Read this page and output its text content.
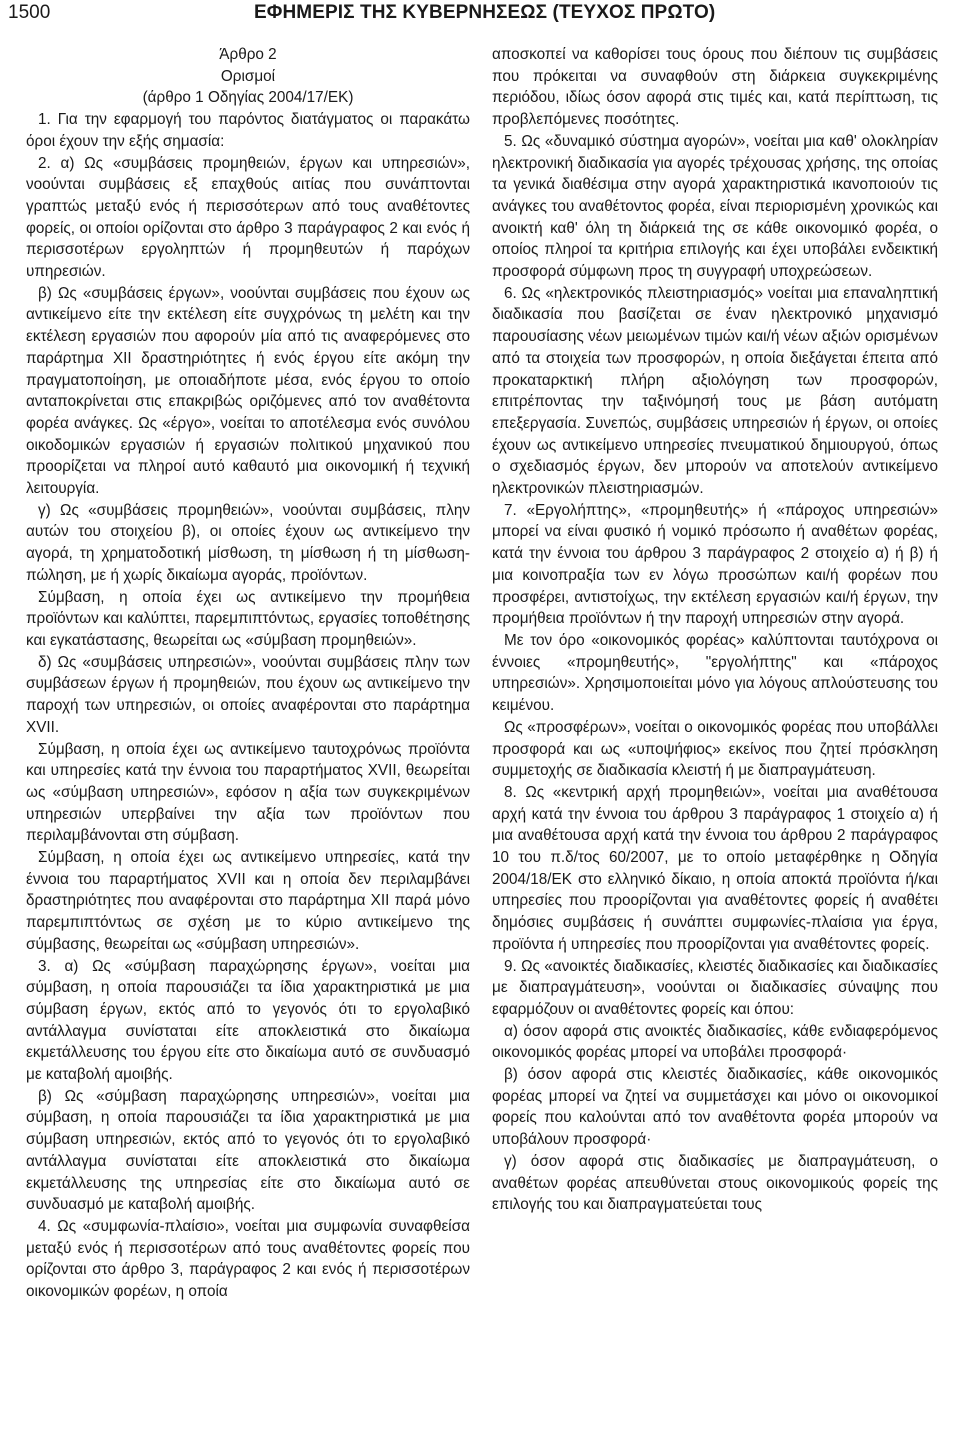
1500	ΕΦΗΜΕΡΙΣ ΤΗΣ ΚΥΒΕΡΝΗΣΕΩΣ (ΤΕΥΧΟΣ ΠΡΩΤΟ)

Άρθρο 2

Ορισμοί

(άρθρο 1 Οδηγίας 2004/17/ΕΚ)

1. Για την εφαρμογή του παρόντος διατάγματος οι παρακάτω όροι έχουν την εξής σημασία:

2. α) Ως «συμβάσεις προμηθειών, έργων και υπηρεσιών», νοούνται συμβάσεις εξ επαχθούς αιτίας που συνάπτονται γραπτώς μεταξύ ενός ή περισσότερων από τους αναθέτοντες φορείς, οι οποίοι ορίζονται στο άρθρο 3 παράγραφος 2 και ενός ή περισσοτέρων εργοληπτών ή προμηθευτών ή παρόχων υπηρεσιών.

β) Ως «συμβάσεις έργων», νοούνται συμβάσεις που έχουν ως αντικείμενο είτε την εκτέλεση είτε συγχρόνως τη μελέτη και την εκτέλεση εργασιών που αφορούν μία από τις αναφερόμενες στο παράρτημα XII δραστηριότητες ή ενός έργου είτε ακόμη την πραγματοποίηση, με οποιαδήποτε μέσα, ενός έργου το οποίο ανταποκρίνεται στις επακριβώς οριζόμενες από τον αναθέτοντα φορέα ανάγκες. Ως «έργο», νοείται το αποτέλεσμα ενός συνόλου οικοδομικών εργασιών ή εργασιών πολιτικού μηχανικού που προορίζεται να πληροί αυτό καθαυτό μια οικονομική ή τεχνική λειτουργία.

γ) Ως «συμβάσεις προμηθειών», νοούνται συμβάσεις, πλην αυτών του στοιχείου β), οι οποίες έχουν ως αντικείμενο την αγορά, τη χρηματοδοτική μίσθωση, τη μίσθωση ή τη μίσθωση-πώληση, με ή χωρίς δικαίωμα αγοράς, προϊόντων.

Σύμβαση, η οποία έχει ως αντικείμενο την προμήθεια προϊόντων και καλύπτει, παρεμπιπτόντως, εργασίες τοποθέτησης και εγκατάστασης, θεωρείται ως «σύμβαση προμηθειών».

δ) Ως «συμβάσεις υπηρεσιών», νοούνται συμβάσεις πλην των συμβάσεων έργων ή προμηθειών, που έχουν ως αντικείμενο την παροχή των υπηρεσιών, οι οποίες αναφέρονται στο παράρτημα XVII.

Σύμβαση, η οποία έχει ως αντικείμενο ταυτοχρόνως προϊόντα και υπηρεσίες κατά την έννοια του παραρτήματος XVII, θεωρείται ως «σύμβαση υπηρεσιών», εφόσον η αξία των συγκεκριμένων υπηρεσιών υπερβαίνει την αξία των προϊόντων που περιλαμβάνονται στη σύμβαση.

Σύμβαση, η οποία έχει ως αντικείμενο υπηρεσίες, κατά την έννοια του παραρτήματος XVII και η οποία δεν περιλαμβάνει δραστηριότητες που αναφέρονται στο παράρτημα XII παρά μόνο παρεμπιπτόντως σε σχέση με το κύριο αντικείμενο της σύμβασης, θεωρείται ως «σύμβαση υπηρεσιών».

3. α) Ως «σύμβαση παραχώρησης έργων», νοείται μια σύμβαση, η οποία παρουσιάζει τα ίδια χαρακτηριστικά με μια σύμβαση έργων, εκτός από το γεγονός ότι το εργολαβικό αντάλλαγμα συνίσταται είτε αποκλειστικά στο δικαίωμα εκμετάλλευσης του έργου είτε στο δικαίωμα αυτό σε συνδυασμό με καταβολή αμοιβής.

β) Ως «σύμβαση παραχώρησης υπηρεσιών», νοείται μια σύμβαση, η οποία παρουσιάζει τα ίδια χαρακτηριστικά με μια σύμβαση υπηρεσιών, εκτός από το γεγονός ότι το εργολαβικό αντάλλαγμα συνίσταται είτε αποκλειστικά στο δικαίωμα εκμετάλλευσης της υπηρεσίας είτε στο δικαίωμα αυτό σε συνδυασμό με καταβολή αμοιβής.

4. Ως «συμφωνία-πλαίσιο», νοείται μια συμφωνία συναφθείσα μεταξύ ενός ή περισσοτέρων από τους αναθέτοντες φορείς που ορίζονται στο άρθρο 3, παράγραφος 2 και ενός ή περισσοτέρων οικονομικών φορέων, η οποία

αποσκοπεί να καθορίσει τους όρους που διέπουν τις συμβάσεις που πρόκειται να συναφθούν στη διάρκεια συγκεκριμένης περιόδου, ιδίως όσον αφορά στις τιμές και, κατά περίπτωση, τις προβλεπόμενες ποσότητες.

5. Ως «δυναμικό σύστημα αγορών», νοείται μια καθ' ολοκληρίαν ηλεκτρονική διαδικασία για αγορές τρέχουσας χρήσης, της οποίας τα γενικά διαθέσιμα στην αγορά χαρακτηριστικά ικανοποιούν τις ανάγκες του αναθέτοντος φορέα, είναι περιορισμένη χρονικώς και ανοικτή καθ' όλη τη διάρκειά της σε κάθε οικονομικό φορέα, ο οποίος πληροί τα κριτήρια επιλογής και έχει υποβάλει ενδεικτική προσφορά σύμφωνη προς τη συγγραφή υποχρεώσεων.

6. Ως «ηλεκτρονικός πλειστηριασμός» νοείται μια επαναληπτική διαδικασία που βασίζεται σε έναν ηλεκτρονικό μηχανισμό παρουσίασης νέων μειωμένων τιμών και/ή νέων αξιών ορισμένων από τα στοιχεία των προσφορών, η οποία διεξάγεται έπειτα από προκαταρκτική πλήρη αξιολόγηση των προσφορών, επιτρέποντας την ταξινόμησή τους με βάση αυτόματη επεξεργασία. Συνεπώς, συμβάσεις υπηρεσιών ή έργων, οι οποίες έχουν ως αντικείμενο υπηρεσίες πνευματικού δημιουργού, όπως ο σχεδιασμός έργων, δεν μπορούν να αποτελούν αντικείμενο ηλεκτρονικών πλειστηριασμών.

7. «Εργολήπτης», «προμηθευτής» ή «πάροχος υπηρεσιών» μπορεί να είναι φυσικό ή νομικό πρόσωπο ή αναθέτων φορέας, κατά την έννοια του άρθρου 3 παράγραφος 2 στοιχείο α) ή β) ή μια κοινοπραξία των εν λόγω προσώπων και/ή φορέων που προσφέρει, αντιστοίχως, την εκτέλεση εργασιών και/ή έργων, την προμήθεια προϊόντων ή την παροχή υπηρεσιών στην αγορά.

Με τον όρο «οικονομικός φορέας» καλύπτονται ταυτόχρονα οι έννοιες «προμηθευτής», "εργολήπτης" και «πάροχος υπηρεσιών». Χρησιμοποιείται μόνο για λόγους απλούστευσης του κειμένου.

Ως «προσφέρων», νοείται ο οικονομικός φορέας που υποβάλλει προσφορά και ως «υποψήφιος» εκείνος που ζητεί πρόσκληση συμμετοχής σε διαδικασία κλειστή ή με διαπραγμάτευση.

8. Ως «κεντρική αρχή προμηθειών», νοείται μια αναθέτουσα αρχή κατά την έννοια του άρθρου 3 παράγραφος 1 στοιχείο α) ή μια αναθέτουσα αρχή κατά την έννοια του άρθρου 2 παράγραφος 10 του π.δ/τος 60/2007, με το οποίο μεταφέρθηκε η Οδηγία 2004/18/ΕΚ στο ελληνικό δίκαιο, η οποία αποκτά προϊόντα ή/και υπηρεσίες που προορίζονται για αναθέτοντες φορείς ή αναθέτει δημόσιες συμβάσεις ή συνάπτει συμφωνίες-πλαίσια για έργα, προϊόντα ή υπηρεσίες που προορίζονται για αναθέτοντες φορείς.

9. Ως «ανοικτές διαδικασίες, κλειστές διαδικασίες και διαδικασίες με διαπραγμάτευση», νοούνται οι διαδικασίες σύναψης που εφαρμόζουν οι αναθέτοντες φορείς και όπου:

α) όσον αφορά στις ανοικτές διαδικασίες, κάθε ενδιαφερόμενος οικονομικός φορέας μπορεί να υποβάλει προσφορά·

β) όσον αφορά στις κλειστές διαδικασίες, κάθε οικονομικός φορέας μπορεί να ζητεί να συμμετάσχει και μόνο οι οικονομικοί φορείς που καλούνται από τον αναθέτοντα φορέα μπορούν να υποβάλουν προσφορά·

γ) όσον αφορά στις διαδικασίες με διαπραγμάτευση, ο αναθέτων φορέας απευθύνεται στους οικονομικούς φορείς της επιλογής του και διαπραγματεύεται τους
